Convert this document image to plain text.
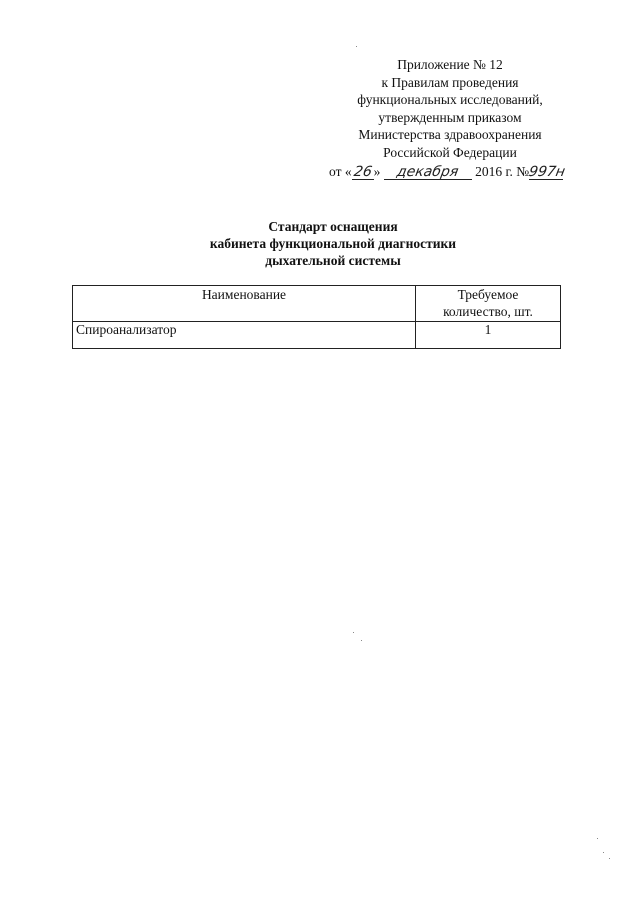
Приложение № 12
к Правилам проведения
функциональных исследований,
утвержденным приказом
Министерства здравоохранения
Российской Федерации
от «26» декабря 2016 г. №997н
Стандарт оснащения
кабинета функциональной диагностики
дыхательной системы
Наименование	Требуемое
количество, шт.
Спироанализатор	1
